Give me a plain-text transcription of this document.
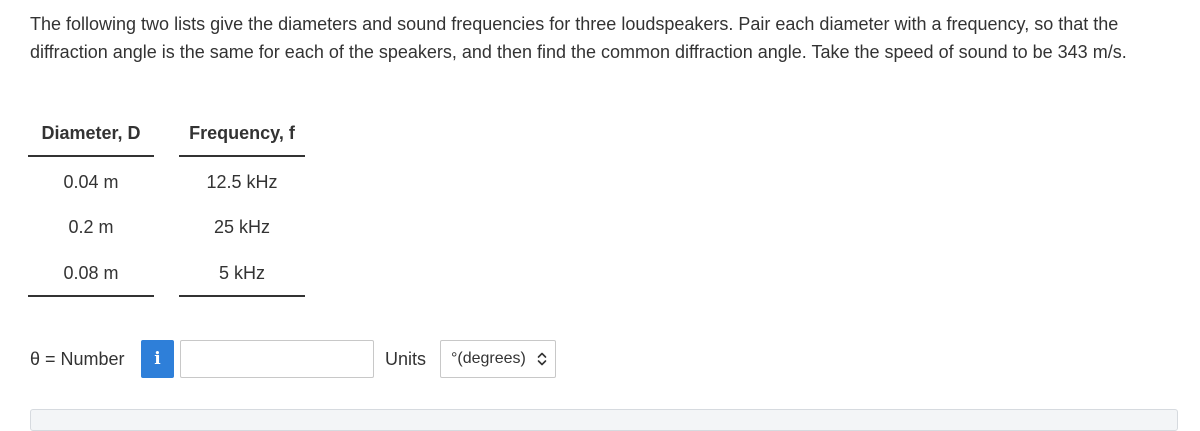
The following two lists give the diameters and sound frequencies for three loudspeakers. Pair each diameter with a frequency, so that the diffraction angle is the same for each of the speakers, and then find the common diffraction angle. Take the speed of sound to be 343 m/s.
Diameter, D
0.04 m
0.2 m
0.08 m
Frequency, f
12.5 kHz
25 kHz
5 kHz
θ = Number	i	Units °(degrees)
